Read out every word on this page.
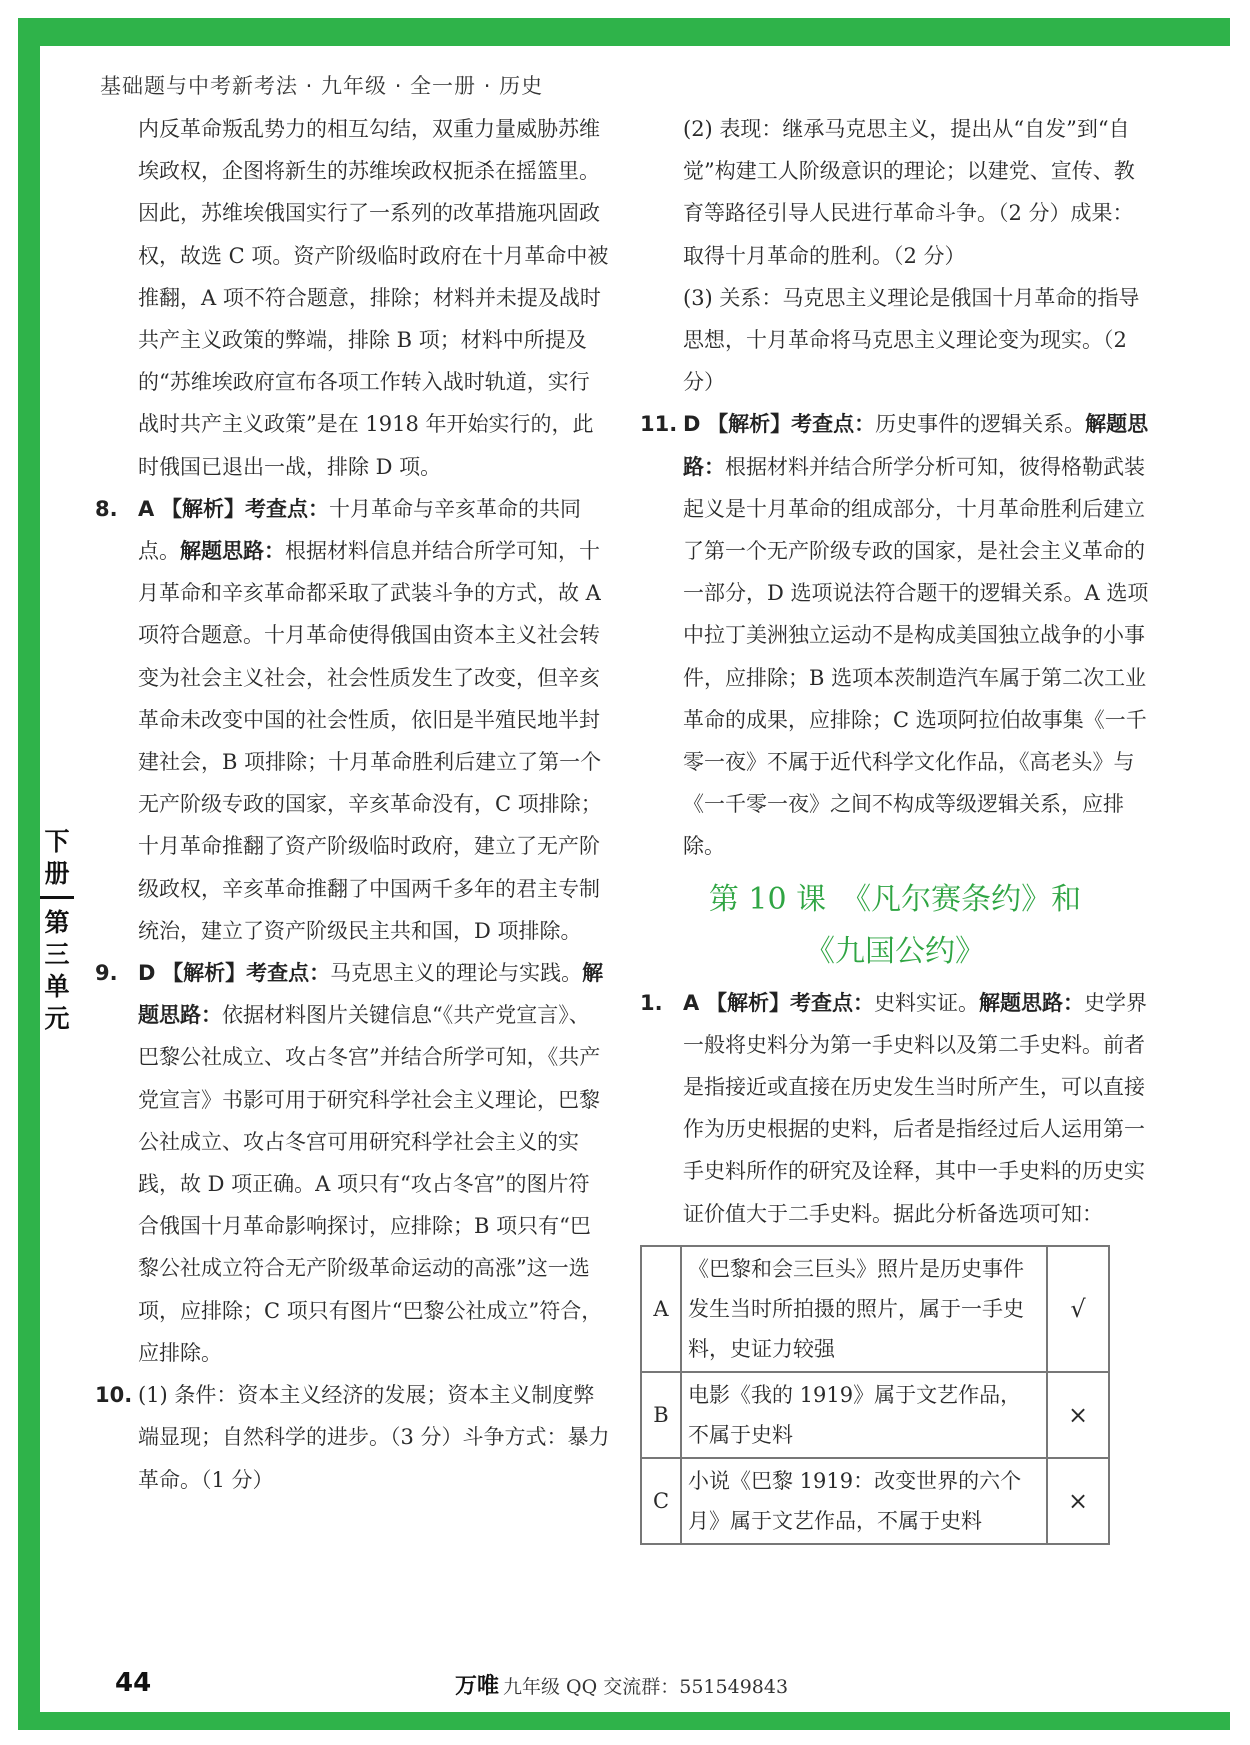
下
册
第
三
单
元
基础题与中考新考法 · 九年级 · 全一册 · 历史

内反革命叛乱势力的相互勾结，双重力量威胁苏维埃政权，企图将新生的苏维埃政权扼杀在摇篮里。因此，苏维埃俄国实行了一系列的改革措施巩固政权，故选 C 项。资产阶级临时政府在十月革命中被推翻，A 项不符合题意，排除；材料并未提及战时共产主义政策的弊端，排除 B 项；材料中所提及的“苏维埃政府宣布各项工作转入战时轨道，实行战时共产主义政策”是在 1918 年开始实行的，此时俄国已退出一战，排除 D 项。

8. A 【解析】考查点：十月革命与辛亥革命的共同点。解题思路：根据材料信息并结合所学可知，十月革命和辛亥革命都采取了武装斗争的方式，故 A 项符合题意。十月革命使得俄国由资本主义社会转变为社会主义社会，社会性质发生了改变，但辛亥革命未改变中国的社会性质，依旧是半殖民地半封建社会，B 项排除；十月革命胜利后建立了第一个无产阶级专政的国家，辛亥革命没有，C 项排除；十月革命推翻了资产阶级临时政府，建立了无产阶级政权，辛亥革命推翻了中国两千多年的君主专制统治，建立了资产阶级民主共和国，D 项排除。

9. D 【解析】考查点：马克思主义的理论与实践。解题思路：依据材料图片关键信息“《共产党宣言》、巴黎公社成立、攻占冬宫”并结合所学可知，《共产党宣言》书影可用于研究科学社会主义理论，巴黎公社成立、攻占冬宫可用研究科学社会主义的实践，故 D 项正确。A 项只有“攻占冬宫”的图片符合俄国十月革命影响探讨，应排除；B 项只有“巴黎公社成立符合无产阶级革命运动的高涨”这一选项，应排除；C 项只有图片“巴黎公社成立”符合，应排除。

10. (1) 条件：资本主义经济的发展；资本主义制度弊端显现；自然科学的进步。（3 分）斗争方式：暴力革命。（1 分）

(2) 表现：继承马克思主义，提出从“自发”到“自觉”构建工人阶级意识的理论；以建党、宣传、教育等路径引导人民进行革命斗争。（2 分）成果：取得十月革命的胜利。（2 分）

(3) 关系：马克思主义理论是俄国十月革命的指导思想，十月革命将马克思主义理论变为现实。（2 分）

11. D 【解析】考查点：历史事件的逻辑关系。解题思路：根据材料并结合所学分析可知，彼得格勒武装起义是十月革命的组成部分，十月革命胜利后建立了第一个无产阶级专政的国家，是社会主义革命的一部分，D 选项说法符合题干的逻辑关系。A 选项中拉丁美洲独立运动不是构成美国独立战争的小事件，应排除；B 选项本茨制造汽车属于第二次工业革命的成果，应排除；C 选项阿拉伯故事集《一千零一夜》不属于近代科学文化作品，《高老头》与《一千零一夜》之间不构成等级逻辑关系，应排除。

第 10 课　《凡尔赛条约》和
《九国公约》

1. A 【解析】考查点：史料实证。解题思路：史学界一般将史料分为第一手史料以及第二手史料。前者是指接近或直接在历史发生当时所产生，可以直接作为历史根据的史料，后者是指经过后人运用第一手史料所作的研究及诠释，其中一手史料的历史实证价值大于二手史料。据此分析备选项可知：

A	《巴黎和会三巨头》照片是历史事件发生当时所拍摄的照片，属于一手史料，史证力较强	√
B	电影《我的 1919》属于文艺作品，不属于史料	×
C	小说《巴黎 1919：改变世界的六个月》属于文艺作品，不属于史料	×
44	万唯 九年级 QQ 交流群：551549843
